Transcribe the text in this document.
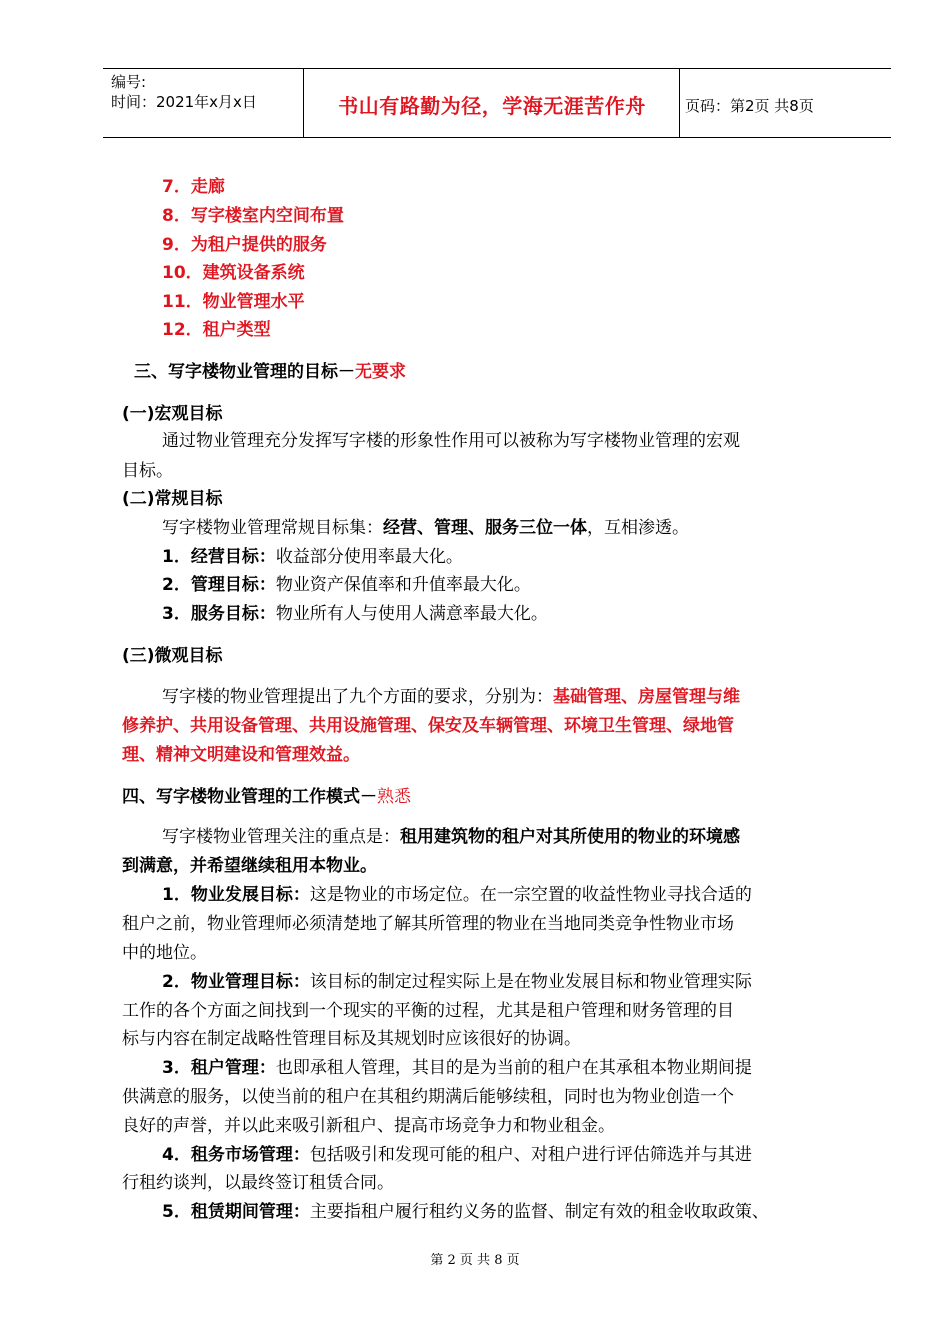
编号:
时间：2021年x月x日	书山有路勤为径，学海无涯苦作舟	页码：第2页 共8页
7．走廊
8．写字楼室内空间布置
9．为租户提供的服务
10．建筑设备系统
11．物业管理水平
12．租户类型
三、写字楼物业管理的目标－无要求
(一)宏观目标
通过物业管理充分发挥写字楼的形象性作用可以被称为写字楼物业管理的宏观
目标。
(二)常规目标
写字楼物业管理常规目标集：经营、管理、服务三位一体，互相渗透。
1．经营目标：收益部分使用率最大化。
2．管理目标：物业资产保值率和升值率最大化。
3．服务目标：物业所有人与使用人满意率最大化。
(三)微观目标
写字楼的物业管理提出了九个方面的要求，分别为：基础管理、房屋管理与维
修养护、共用设备管理、共用设施管理、保安及车辆管理、环境卫生管理、绿地管
理、精神文明建设和管理效益。
四、写字楼物业管理的工作模式－熟悉
写字楼物业管理关注的重点是：租用建筑物的租户对其所使用的物业的环境感
到满意，并希望继续租用本物业。
1．物业发展目标：这是物业的市场定位。在一宗空置的收益性物业寻找合适的
租户之前，物业管理师必须清楚地了解其所管理的物业在当地同类竞争性物业市场
中的地位。
2．物业管理目标：该目标的制定过程实际上是在物业发展目标和物业管理实际
工作的各个方面之间找到一个现实的平衡的过程，尤其是租户管理和财务管理的目
标与内容在制定战略性管理目标及其规划时应该很好的协调。
3．租户管理：也即承租人管理，其目的是为当前的租户在其承租本物业期间提
供满意的服务，以使当前的租户在其租约期满后能够续租，同时也为物业创造一个
良好的声誉，并以此来吸引新租户、提高市场竞争力和物业租金。
4．租务市场管理：包括吸引和发现可能的租户、对租户进行评估筛选并与其进
行租约谈判，以最终签订租赁合同。
5．租赁期间管理：主要指租户履行租约义务的监督、制定有效的租金收取政策、
第 2 页 共 8 页
